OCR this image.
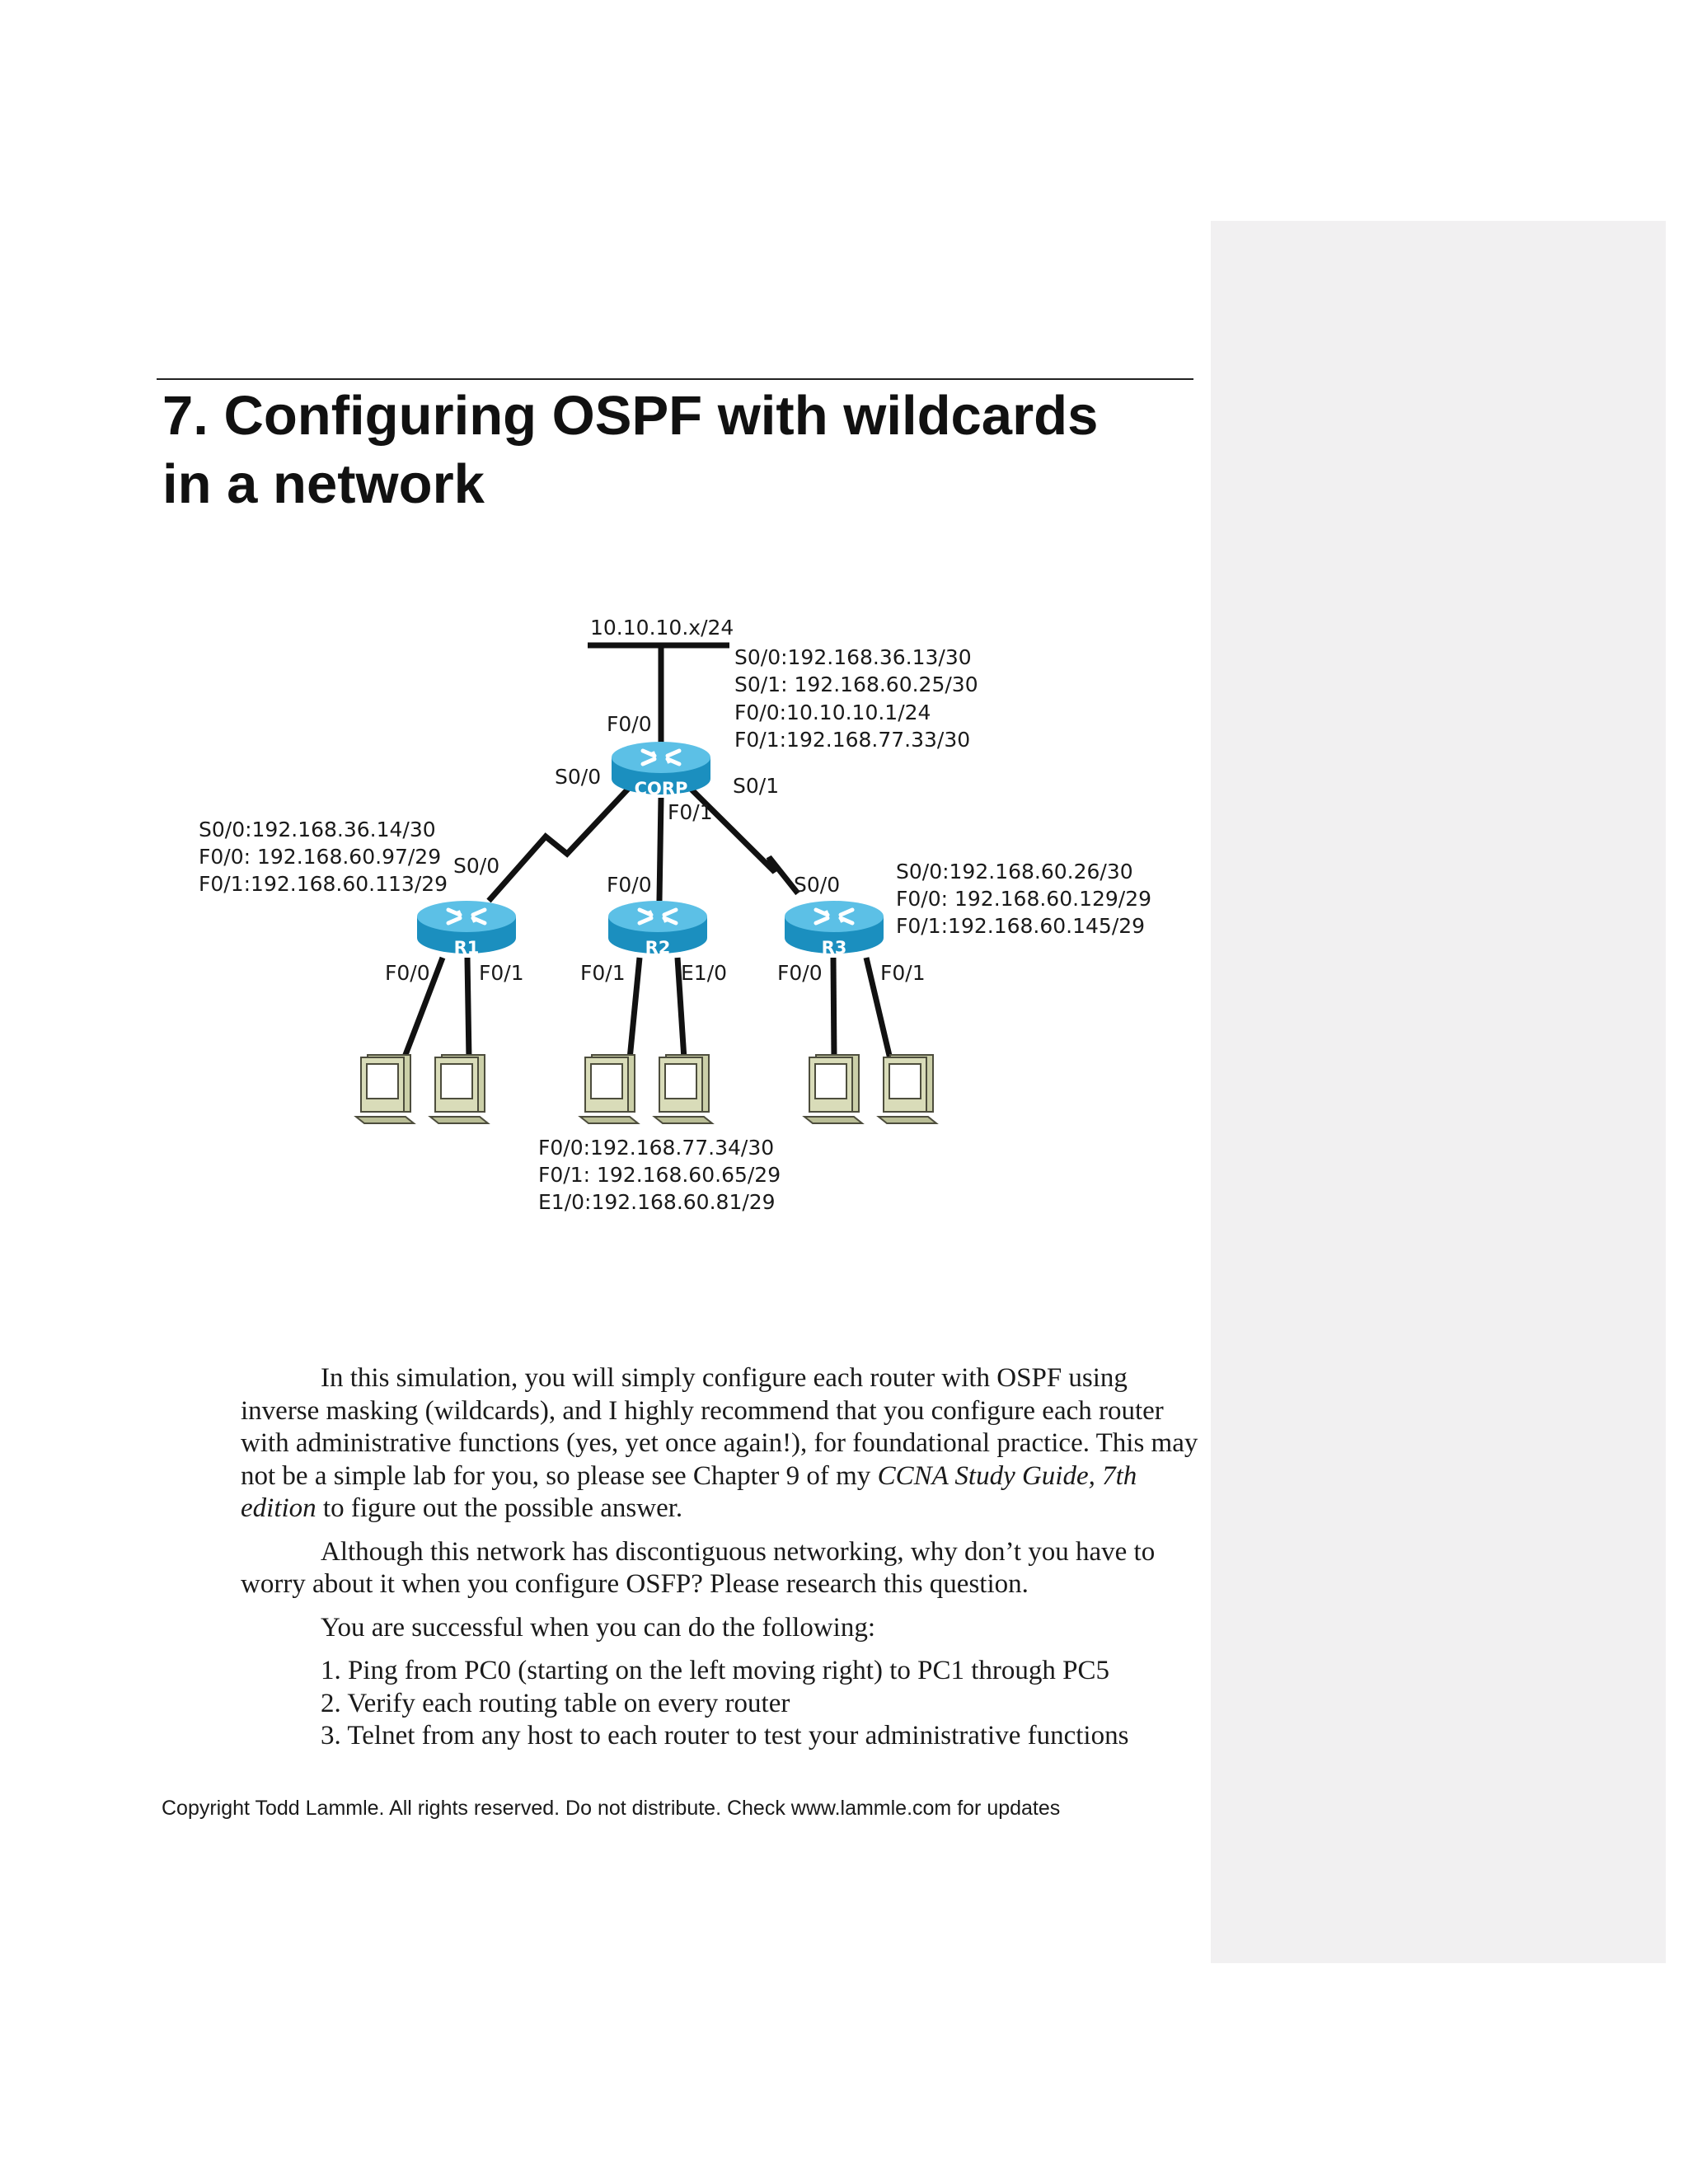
7. Configuring OSPF with wildcards
in a network
CORP
R1	R2	R3
10.10.10.x/24
S0/0:192.168.36.13/30
S0/1: 192.168.60.25/30
F0/0:10.10.10.1/24
F0/1:192.168.77.33/30
F0/0
S0/0	S0/1
F0/1
S0/0:192.168.36.14/30
F0/0: 192.168.60.97/29
F0/1:192.168.60.113/29
S0/0
F0/0 F0/1
F0/0
F0/1	E1/0
F0/0:192.168.77.34/30
F0/1: 192.168.60.65/29
E1/0:192.168.60.81/29
S0/0
F0/0	F0/1
S0/0:192.168.60.26/30
F0/0: 192.168.60.129/29
F0/1:192.168.60.145/29

In this simulation, you will simply configure each router with OSPF using inverse masking (wildcards), and I highly recommend that you configure each router with administrative functions (yes, yet once again!), for foundational practice. This may not be a simple lab for you, so please see Chapter 9 of my CCNA Study Guide, 7th edition to figure out the possible answer.

Although this network has discontiguous networking, why don’t you have to worry about it when you configure OSFP? Please research this question.

You are successful when you can do the following:

1. Ping from PC0 (starting on the left moving right) to PC1 through PC5
2. Verify each routing table on every router
3. Telnet from any host to each router to test your administrative functions
Copyright Todd Lammle. All rights reserved. Do not distribute. Check www.lammle.com for updates
